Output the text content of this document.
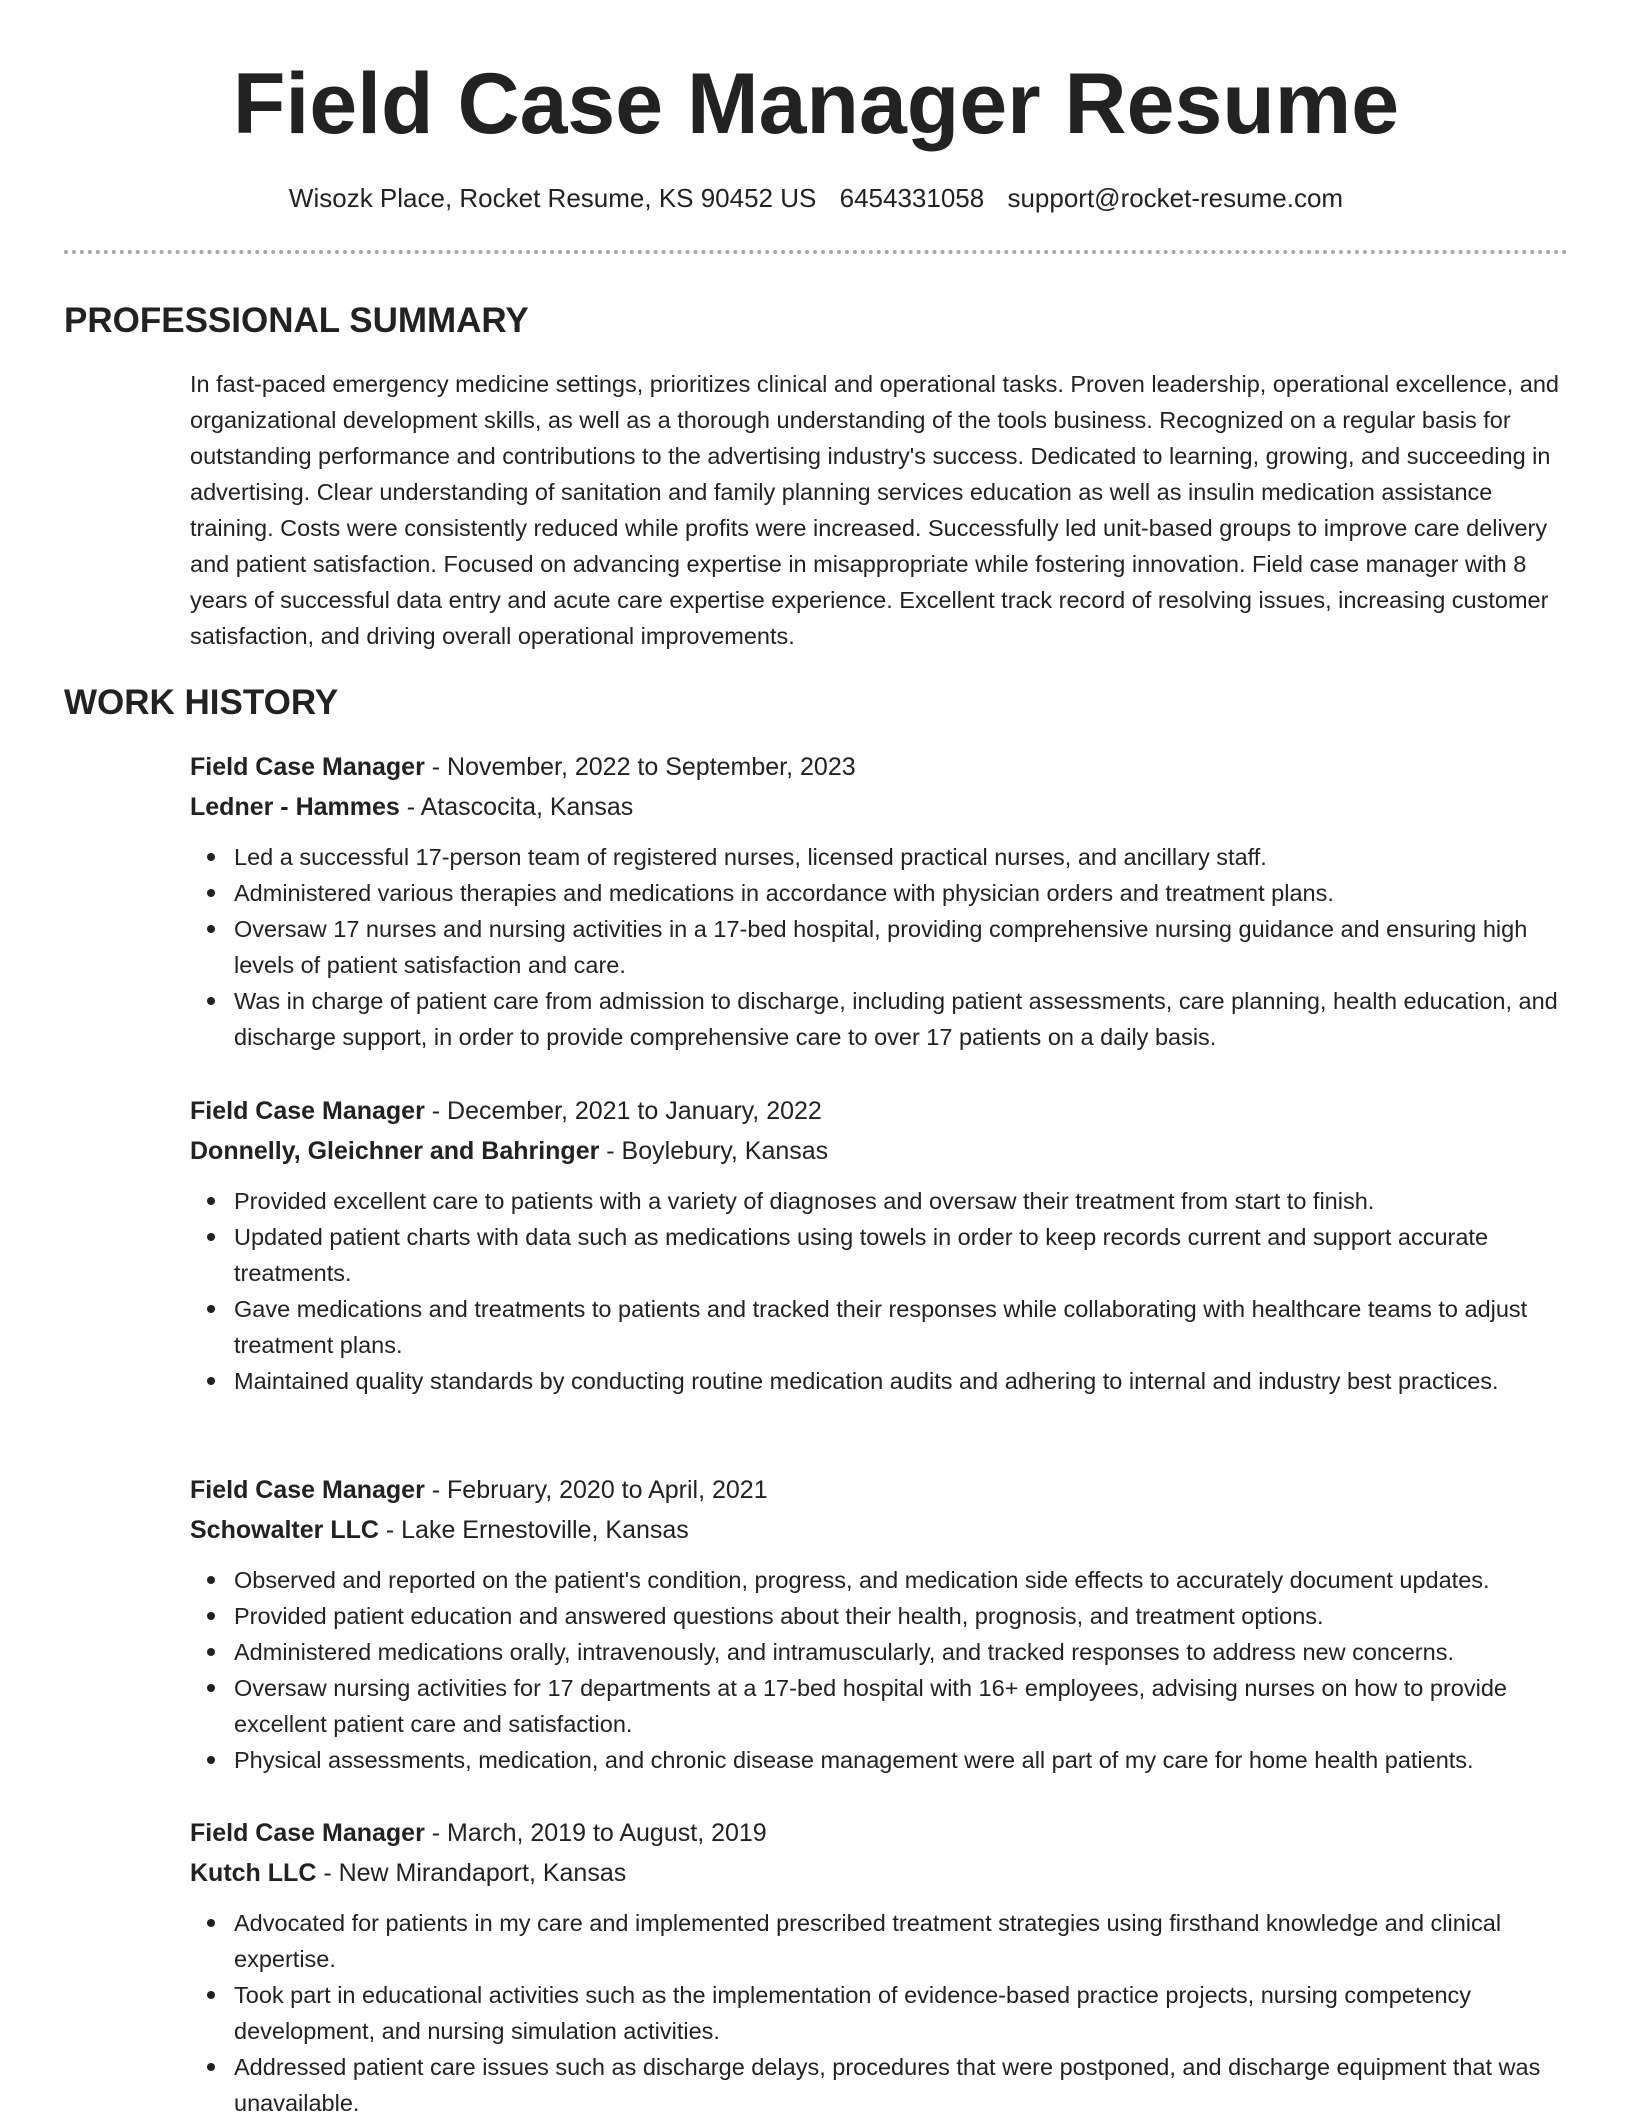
Field Case Manager Resume
Wisozk Place, Rocket Resume, KS 90452 US 6454331058 support@rocket-resume.com
PROFESSIONAL SUMMARY

In fast-paced emergency medicine settings, prioritizes clinical and operational tasks. Proven leadership, operational excellence, and organizational development skills, as well as a thorough understanding of the tools business. Recognized on a regular basis for outstanding performance and contributions to the advertising industry's success. Dedicated to learning, growing, and succeeding in advertising. Clear understanding of sanitation and family planning services education as well as insulin medication assistance training. Costs were consistently reduced while profits were increased. Successfully led unit-based groups to improve care delivery and patient satisfaction. Focused on advancing expertise in misappropriate while fostering innovation. Field case manager with 8 years of successful data entry and acute care expertise experience. Excellent track record of resolving issues, increasing customer satisfaction, and driving overall operational improvements.

WORK HISTORY
Field Case Manager - November, 2022 to September, 2023
Ledner - Hammes - Atascocita, Kansas
Led a successful 17-person team of registered nurses, licensed practical nurses, and ancillary staff.
Administered various therapies and medications in accordance with physician orders and treatment plans.
Oversaw 17 nurses and nursing activities in a 17-bed hospital, providing comprehensive nursing guidance and ensuring high levels of patient satisfaction and care.
Was in charge of patient care from admission to discharge, including patient assessments, care planning, health education, and discharge support, in order to provide comprehensive care to over 17 patients on a daily basis.
Field Case Manager - December, 2021 to January, 2022
Donnelly, Gleichner and Bahringer - Boylebury, Kansas
Provided excellent care to patients with a variety of diagnoses and oversaw their treatment from start to finish.
Updated patient charts with data such as medications using towels in order to keep records current and support accurate treatments.
Gave medications and treatments to patients and tracked their responses while collaborating with healthcare teams to adjust treatment plans.
Maintained quality standards by conducting routine medication audits and adhering to internal and industry best practices.
Field Case Manager - February, 2020 to April, 2021
Schowalter LLC - Lake Ernestoville, Kansas
Observed and reported on the patient's condition, progress, and medication side effects to accurately document updates.
Provided patient education and answered questions about their health, prognosis, and treatment options.
Administered medications orally, intravenously, and intramuscularly, and tracked responses to address new concerns.
Oversaw nursing activities for 17 departments at a 17-bed hospital with 16+ employees, advising nurses on how to provide excellent patient care and satisfaction.
Physical assessments, medication, and chronic disease management were all part of my care for home health patients.
Field Case Manager - March, 2019 to August, 2019
Kutch LLC - New Mirandaport, Kansas
Advocated for patients in my care and implemented prescribed treatment strategies using firsthand knowledge and clinical expertise.
Took part in educational activities such as the implementation of evidence-based practice projects, nursing competency development, and nursing simulation activities.
Addressed patient care issues such as discharge delays, procedures that were postponed, and discharge equipment that was unavailable.
